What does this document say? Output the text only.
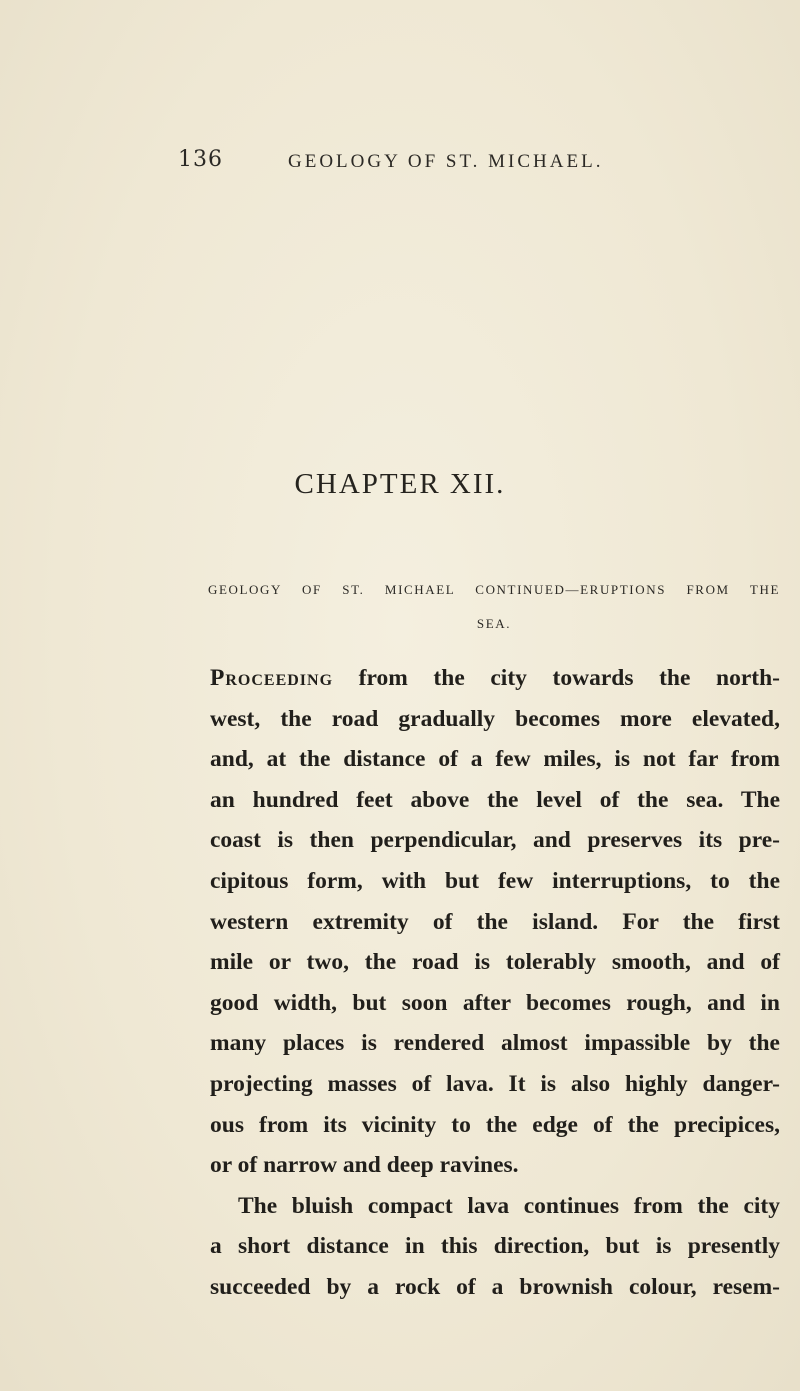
136	GEOLOGY OF ST. MICHAEL.
CHAPTER XII.
GEOLOGY OF ST. MICHAEL CONTINUED—ERUPTIONS FROM THE
SEA.
Proceeding from the city towards the north-
west, the road gradually becomes more elevated,
and, at the distance of a few miles, is not far from
an hundred feet above the level of the sea. The
coast is then perpendicular, and preserves its pre-
cipitous form, with but few interruptions, to the
western extremity of the island. For the first
mile or two, the road is tolerably smooth, and of
good width, but soon after becomes rough, and in
many places is rendered almost impassible by the
projecting masses of lava. It is also highly danger-
ous from its vicinity to the edge of the precipices,
or of narrow and deep ravines.
The bluish compact lava continues from the city
a short distance in this direction, but is presently
succeeded by a rock of a brownish colour, resem-
